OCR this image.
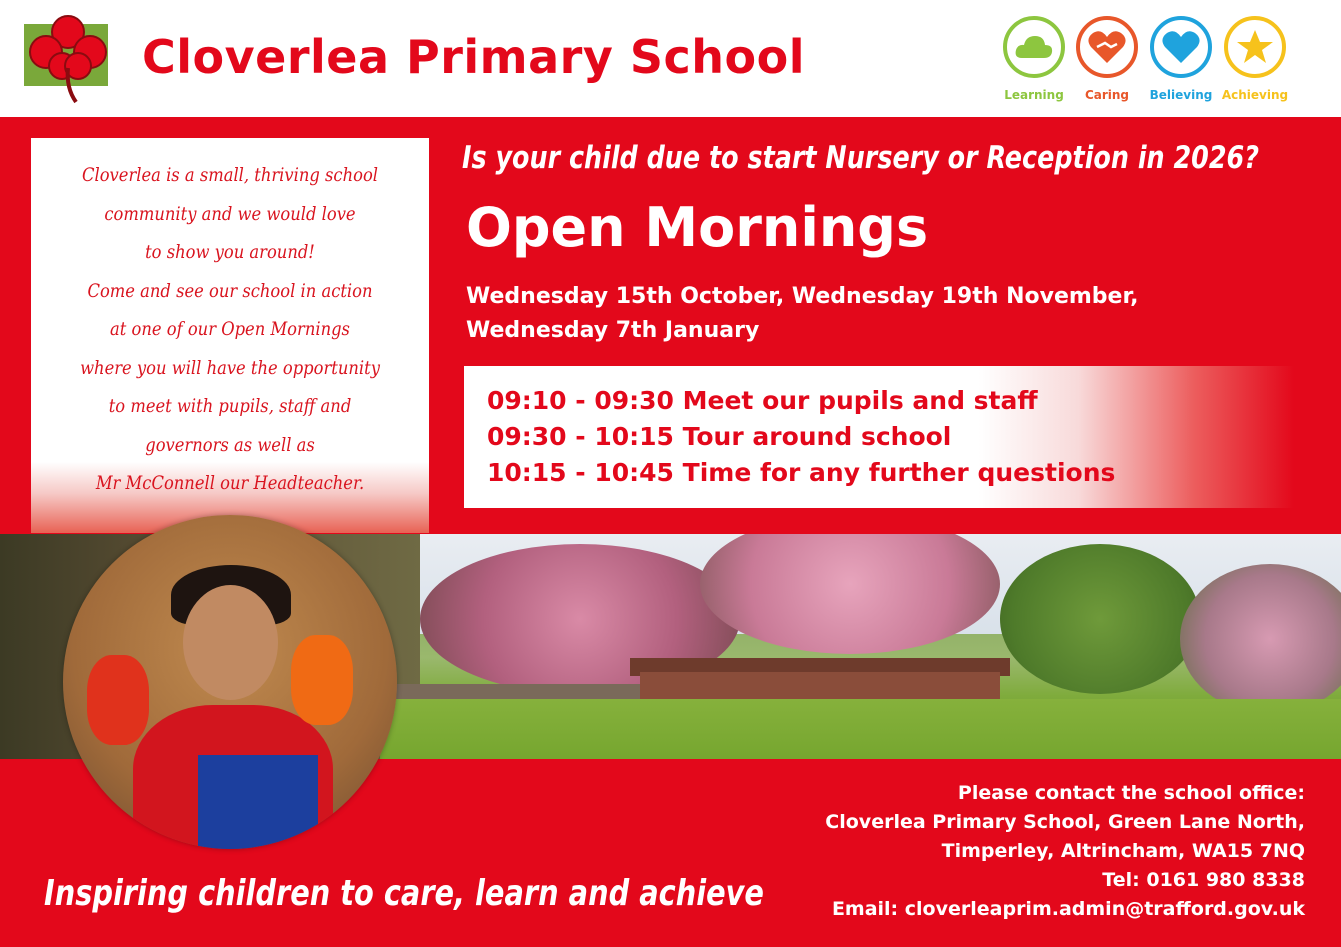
Cloverlea Primary School
Learning	Caring	Believing Achieving
Cloverlea is a small, thriving school
community and we would love
to show you around!
Come and see our school in action
at one of our Open Mornings
where you will have the opportunity
to meet with pupils, staff and
governors as well as
Mr McConnell our Headteacher.
Is your child due to start Nursery or Reception in 2026?
Open Mornings
Wednesday 15th October, Wednesday 19th November,
Wednesday 7th January
09:10 - 09:30 Meet our pupils and staff
09:30 - 10:15 Tour around school
10:15 - 10:45 Time for any further questions
Inspiring children to care, learn and achieve
Please contact the school office:
Cloverlea Primary School, Green Lane North,
Timperley, Altrincham, WA15 7NQ
Tel: 0161 980 8338
Email: cloverleaprim.admin@trafford.gov.uk
